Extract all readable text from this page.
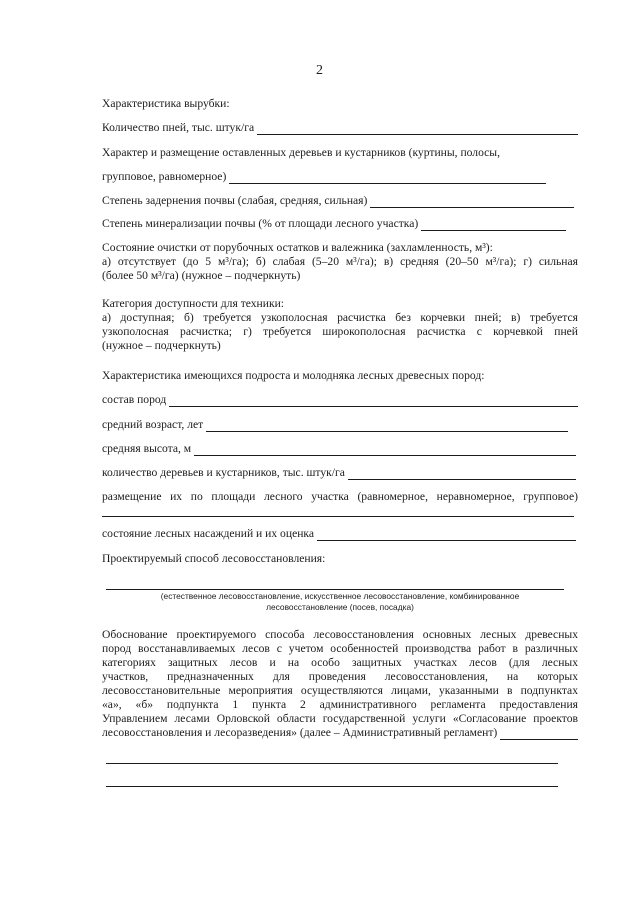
2
Характеристика вырубки:
Количество пней, тыс. штук/га
Характер и размещение оставленных деревьев и кустарников (куртины, полосы,
групповое, равномерное)
Степень задернения почвы (слабая, средняя, сильная)
Степень минерализации почвы (% от площади лесного участка)
Состояние очистки от порубочных остатков и валежника (захламленность, м³):
а) отсутствует (до 5 м³/га); б) слабая (5–20 м³/га); в) средняя (20–50 м³/га); г) сильная
(более 50 м³/га) (нужное – подчеркнуть)
Категория доступности для техники:
а) доступная; б) требуется узкополосная расчистка без корчевки пней; в) требуется
узкополосная расчистка; г) требуется широкополосная расчистка с корчевкой пней
(нужное – подчеркнуть)
Характеристика имеющихся подроста и молодняка лесных древесных пород:
состав пород
средний возраст, лет
средняя высота, м
количество деревьев и кустарников, тыс. штук/га
размещение их по площади лесного участка (равномерное, неравномерное, групповое)
состояние лесных насаждений и их оценка
Проектируемый способ лесовосстановления:
(естественное лесовосстановление, искусственное лесовосстановление, комбинированное
лесовосстановление (посев, посадка)
Обоснование проектируемого способа лесовосстановления основных лесных древесных
пород восстанавливаемых лесов с учетом особенностей производства работ в различных
категориях защитных лесов и на особо защитных участках лесов (для лесных
участков, предназначенных для проведения лесовосстановления, на которых
лесовосстановительные мероприятия осуществляются лицами, указанными в подпунктах
«а», «б» подпункта 1 пункта 2 административного регламента предоставления
Управлением лесами Орловской области государственной услуги «Согласование проектов
лесовосстановления и лесоразведения» (далее – Административный регламент)
